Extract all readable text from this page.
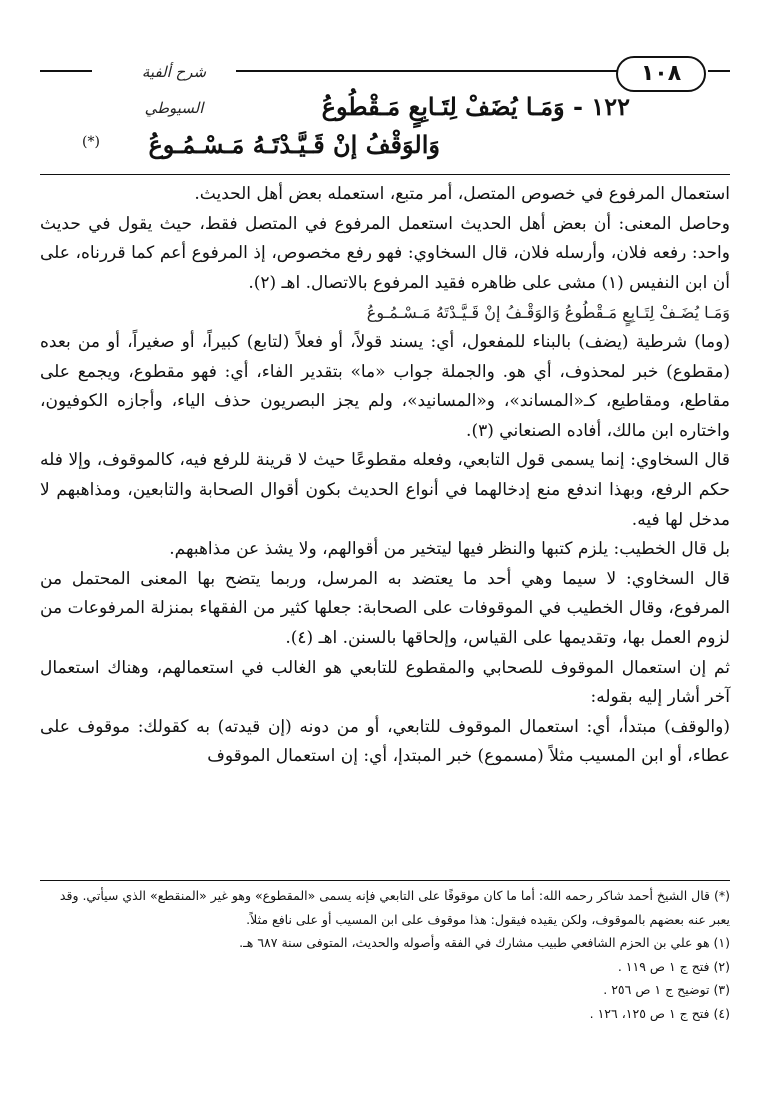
١٠٨
شرح ألفية السيوطي	١٢٢ - وَمَـا يُضَفْ لِتَـابِعٍ مَـقْطُوعُ
وَالوَقْفُ إنْ قَـيَّـدْتَـهُ مَـسْـمُـوعُ
(*)

استعمال المرفوع في خصوص المتصل، أمر متبع، استعمله بعض أهل الحديث.

وحاصل المعنى: أن بعض أهل الحديث استعمل المرفوع في المتصل فقط، حيث يقول في حديث واحد: رفعه فلان، وأرسله فلان، قال السخاوي: فهو رفع مخصوص، إذ المرفوع أعم كما قررناه، على أن ابن النفيس (١) مشى على ظاهره فقيد المرفوع بالاتصال. اهـ (٢).

وَمَـا يُضَـفْ لِتَـابِعٍ مَـقْطُوعُ وَالوَقْـفُ إنْ قَـيَّـدْتَهُ مَـسْـمُـوعُ

(وما) شرطية (يضف) بالبناء للمفعول، أي: يسند قولاً، أو فعلاً (لتابع) كبيراً، أو صغيراً، أو من بعده (مقطوع) خبر لمحذوف، أي هو. والجملة جواب «ما» بتقدير الفاء، أي: فهو مقطوع، ويجمع على مقاطع، ومقاطيع، كـ«المساند»، و«المسانيد»، ولم يجز البصريون حذف الياء، وأجازه الكوفيون، واختاره ابن مالك، أفاده الصنعاني (٣).

قال السخاوي: إنما يسمى قول التابعي، وفعله مقطوعًا حيث لا قرينة للرفع فيه، كالموقوف، وإلا فله حكم الرفع، وبهذا اندفع منع إدخالهما في أنواع الحديث بكون أقوال الصحابة والتابعين، ومذاهبهم لا مدخل لها فيه.

بل قال الخطيب: يلزم كتبها والنظر فيها ليتخير من أقوالهم، ولا يشذ عن مذاهبهم.

قال السخاوي: لا سيما وهي أحد ما يعتضد به المرسل، وربما يتضح بها المعنى المحتمل من المرفوع، وقال الخطيب في الموقوفات على الصحابة: جعلها كثير من الفقهاء بمنزلة المرفوعات من لزوم العمل بها، وتقديمها على القياس، وإلحاقها بالسنن. اهـ (٤).

ثم إن استعمال الموقوف للصحابي والمقطوع للتابعي هو الغالب في استعمالهم، وهناك استعمال آخر أشار إليه بقوله:

(والوقف) مبتدأ، أي: استعمال الموقوف للتابعي، أو من دونه (إن قيدته) به كقولك: موقوف على عطاء، أو ابن المسيب مثلاً (مسموع) خبر المبتدإ، أي: إن استعمال الموقوف

(*) قال الشيخ أحمد شاكر رحمه الله: أما ما كان موقوفًا على التابعي فإنه يسمى «المقطوع» وهو غير «المنقطع» الذي سيأتي. وقد يعبر عنه بعضهم بالموقوف، ولكن يقيده فيقول: هذا موقوف على ابن المسيب أو على نافع مثلاً.

(١) هو علي بن الحزم الشافعي طبيب مشارك في الفقه وأصوله والحديث، المتوفى سنة ٦٨٧ هـ.

(٢) فتح ج ١ ص ١١٩ .

(٣) توضيح ج ١ ص ٢٥٦ .

(٤) فتح ج ١ ص ١٢٥، ١٢٦ .
